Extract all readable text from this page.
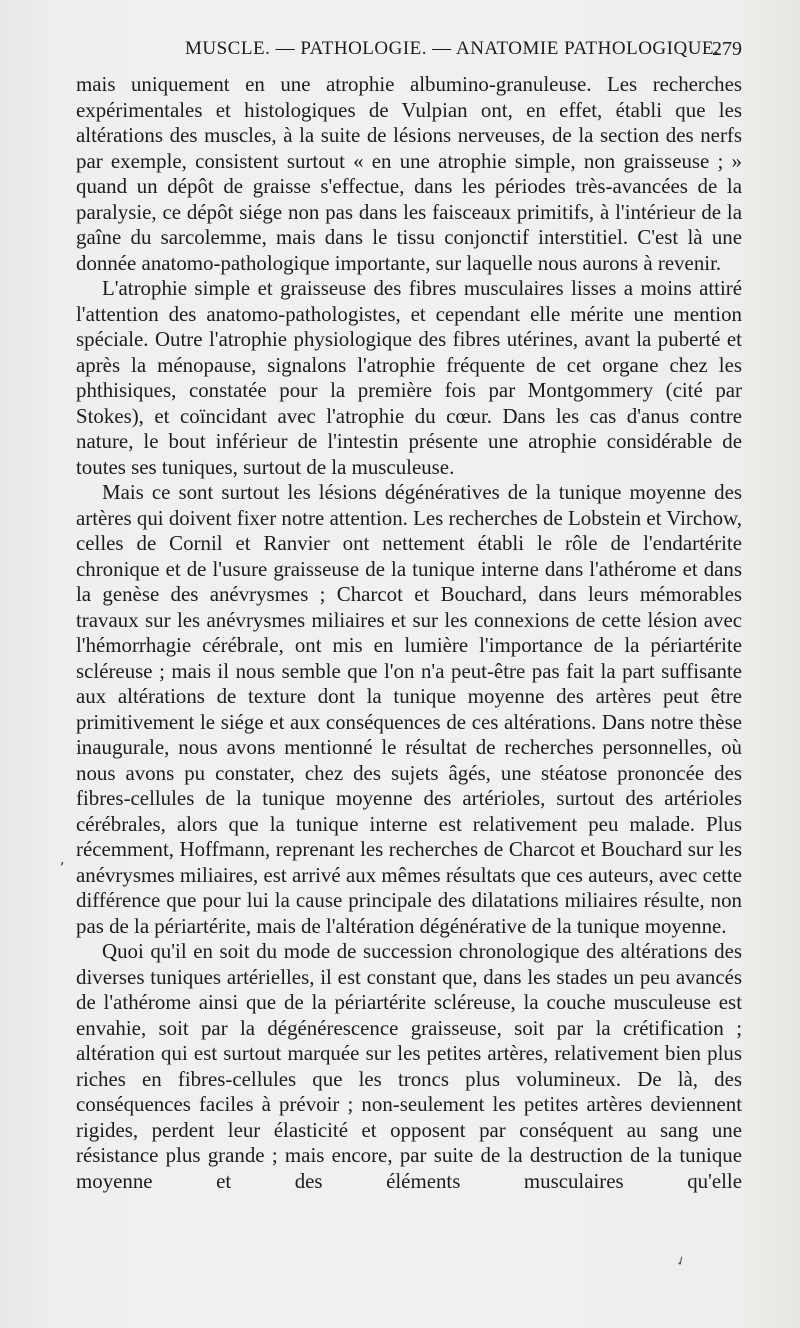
MUSCLE. — PATHOLOGIE. — ANATOMIE PATHOLOGIQUE.
279

mais uniquement en une atrophie albumino-granuleuse. Les recherches expérimentales et histologiques de Vulpian ont, en effet, établi que les altérations des muscles, à la suite de lésions nerveuses, de la section des nerfs par exemple, consistent surtout « en une atrophie simple, non graisseuse ; » quand un dépôt de graisse s'effectue, dans les périodes très-avancées de la paralysie, ce dépôt siége non pas dans les faisceaux primitifs, à l'intérieur de la gaîne du sarcolemme, mais dans le tissu conjonctif interstitiel. C'est là une donnée anatomo-pathologique importante, sur laquelle nous aurons à revenir.

L'atrophie simple et graisseuse des fibres musculaires lisses a moins attiré l'attention des anatomo-pathologistes, et cependant elle mérite une mention spéciale. Outre l'atrophie physiologique des fibres utérines, avant la puberté et après la ménopause, signalons l'atrophie fréquente de cet organe chez les phthisiques, constatée pour la première fois par Montgommery (cité par Stokes), et coïncidant avec l'atrophie du cœur. Dans les cas d'anus contre nature, le bout inférieur de l'intestin présente une atrophie considérable de toutes ses tuniques, surtout de la musculeuse.

Mais ce sont surtout les lésions dégénératives de la tunique moyenne des artères qui doivent fixer notre attention. Les recherches de Lobstein et Virchow, celles de Cornil et Ranvier ont nettement établi le rôle de l'endartérite chronique et de l'usure graisseuse de la tunique interne dans l'athérome et dans la genèse des anévrysmes ; Charcot et Bouchard, dans leurs mémorables travaux sur les anévrysmes miliaires et sur les connexions de cette lésion avec l'hémorrhagie cérébrale, ont mis en lumière l'importance de la périartérite scléreuse ; mais il nous semble que l'on n'a peut-être pas fait la part suffisante aux altérations de texture dont la tunique moyenne des artères peut être primitivement le siége et aux conséquences de ces altérations. Dans notre thèse inaugurale, nous avons mentionné le résultat de recherches personnelles, où nous avons pu constater, chez des sujets âgés, une stéatose prononcée des fibres-cellules de la tunique moyenne des artérioles, surtout des artérioles cérébrales, alors que la tunique interne est relativement peu malade. Plus récemment, Hoffmann, reprenant les recherches de Charcot et Bouchard sur les anévrysmes miliaires, est arrivé aux mêmes résultats que ces auteurs, avec cette différence que pour lui la cause principale des dilatations miliaires résulte, non pas de la périartérite, mais de l'altération dégénérative de la tunique moyenne.

Quoi qu'il en soit du mode de succession chronologique des altérations des diverses tuniques artérielles, il est constant que, dans les stades un peu avancés de l'athérome ainsi que de la périartérite scléreuse, la couche musculeuse est envahie, soit par la dégénérescence graisseuse, soit par la crétification ; altération qui est surtout marquée sur les petites artères, relativement bien plus riches en fibres-cellules que les troncs plus volumineux. De là, des conséquences faciles à prévoir ; non-seulement les petites artères deviennent rigides, perdent leur élasticité et opposent par conséquent au sang une résistance plus grande ; mais encore, par suite de la destruction de la tunique moyenne et des éléments musculaires qu'elle

,
✓
